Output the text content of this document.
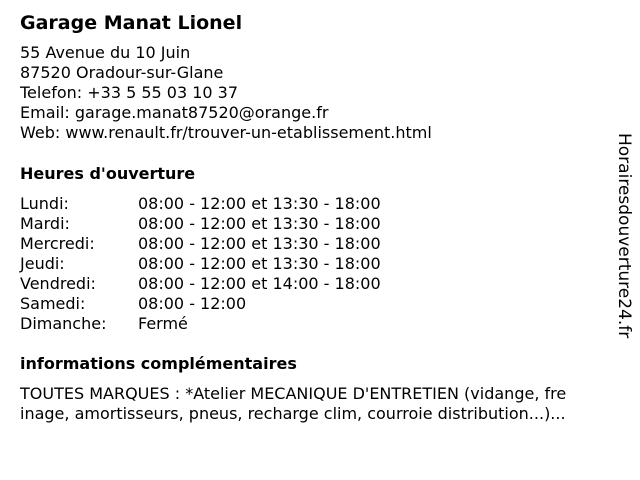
Garage Manat Lionel
55 Avenue du 10 Juin
87520 Oradour-sur-Glane
Telefon: +33 5 55 03 10 37
Email: garage.manat87520@orange.fr
Web: www.renault.fr/trouver-un-etablissement.html
Heures d'ouverture
Lundi:	08:00 - 12:00 et 13:30 - 18:00
Mardi:	08:00 - 12:00 et 13:30 - 18:00
Mercredi:	08:00 - 12:00 et 13:30 - 18:00
Jeudi:	08:00 - 12:00 et 13:30 - 18:00
Vendredi:	08:00 - 12:00 et 14:00 - 18:00
Samedi:	08:00 - 12:00
Dimanche: Fermé
informations complémentaires
TOUTES MARQUES : *Atelier MECANIQUE D'ENTRETIEN (vidange, fre
inage, amortisseurs, pneus, recharge clim, courroie distribution...)...
Horairesdouverture24.fr
